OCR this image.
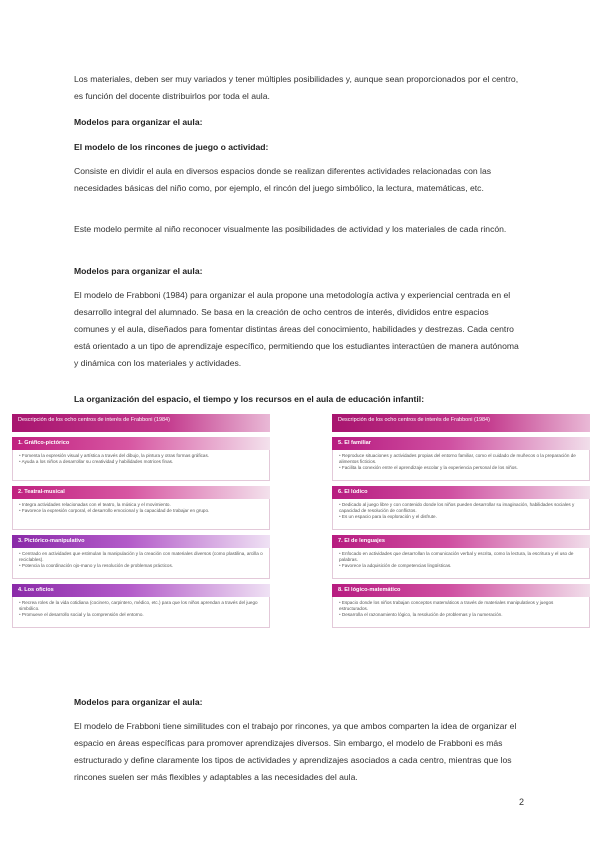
Los materiales, deben ser muy variados y tener múltiples posibilidades y, aunque sean proporcionados por el centro, es función del docente distribuirlos por toda el aula.
Modelos para organizar el aula:
El modelo de los rincones de juego o actividad:
Consiste en dividir el aula en diversos espacios donde se realizan diferentes actividades relacionadas con las necesidades básicas del niño como, por ejemplo, el rincón del juego simbólico, la lectura, matemáticas, etc.
Este modelo permite al niño reconocer visualmente las posibilidades de actividad y los materiales de cada rincón.
Modelos para organizar el aula:
El modelo de Frabboni (1984) para organizar el aula propone una metodología activa y experiencial centrada en el desarrollo integral del alumnado. Se basa en la creación de ocho centros de interés, divididos entre espacios comunes y el aula, diseñados para fomentar distintas áreas del conocimiento, habilidades y destrezas. Cada centro está orientado a un tipo de aprendizaje específico, permitiendo que los estudiantes interactúen de manera autónoma y dinámica con los materiales y actividades.
La organización del espacio, el tiempo y los recursos en el aula de educación infantil:
Descripción de los ocho centros de interés de Frabboni (1984)
1. Gráfico-pictórico
• Fomenta la expresión visual y artística a través del dibujo, la pintura y otras formas gráficas.
• Ayuda a los niños a desarrollar su creatividad y habilidades motrices finas.
2. Teatral-musical
• Integra actividades relacionadas con el teatro, la música y el movimiento.
• Favorece la expresión corporal, el desarrollo emocional y la capacidad de trabajar en grupo.
3. Pictórico-manipulativo
• Centrado en actividades que estimulan la manipulación y la creación con materiales diversos (como plastilina, arcilla o reciclables).
• Potencia la coordinación ojo-mano y la resolución de problemas prácticos.
4. Los oficios
• Recrea roles de la vida cotidiana (cocinero, carpintero, médico, etc.) para que los niños aprendan a través del juego simbólico.
• Promueve el desarrollo social y la comprensión del entorno.
Descripción de los ocho centros de interés de Frabboni (1984)
5. El familiar
• Reproduce situaciones y actividades propias del entorno familiar, como el cuidado de muñecos o la preparación de alimentos ficticios.
• Facilita la conexión entre el aprendizaje escolar y la experiencia personal de los niños.
6. El lúdico
• Dedicado al juego libre y con contenido donde los niños pueden desarrollar su imaginación, habilidades sociales y capacidad de resolución de conflictos.
• Es un espacio para la exploración y el disfrute.
7. El de lenguajes
• Enfocado en actividades que desarrollan la comunicación verbal y escrita, como la lectura, la escritura y el uso de palabras.
• Favorece la adquisición de competencias lingüísticas.
8. El lógico-matemático
• Espacio donde los niños trabajan conceptos matemáticos a través de materiales manipulativos y juegos estructurados.
• Desarrolla el razonamiento lógico, la resolución de problemas y la numeración.
Modelos para organizar el aula:
El modelo de Frabboni tiene similitudes con el trabajo por rincones, ya que ambos comparten la idea de organizar el espacio en áreas específicas para promover aprendizajes diversos. Sin embargo, el modelo de Frabboni es más estructurado y define claramente los tipos de actividades y aprendizajes asociados a cada centro, mientras que los rincones suelen ser más flexibles y adaptables a las necesidades del aula.
2
